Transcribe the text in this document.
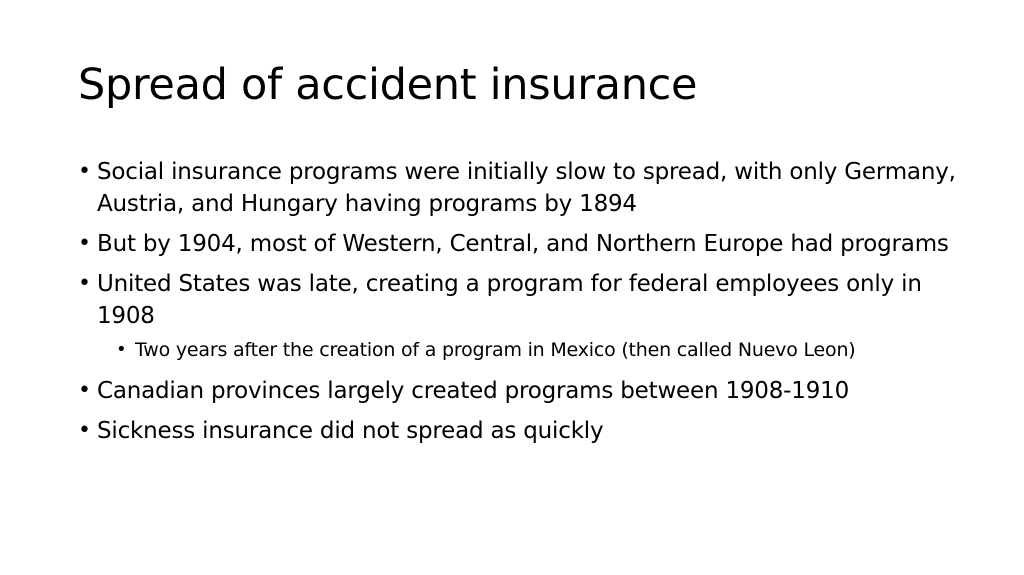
Spread of accident insurance
• Social insurance programs were initially slow to spread, with only Germany, Austria, and Hungary having programs by 1894
• But by 1904, most of Western, Central, and Northern Europe had programs
• United States was late, creating a program for federal employees only in 1908
• Two years after the creation of a program in Mexico (then called Nuevo Leon)
• Canadian provinces largely created programs between 1908-1910
• Sickness insurance did not spread as quickly
